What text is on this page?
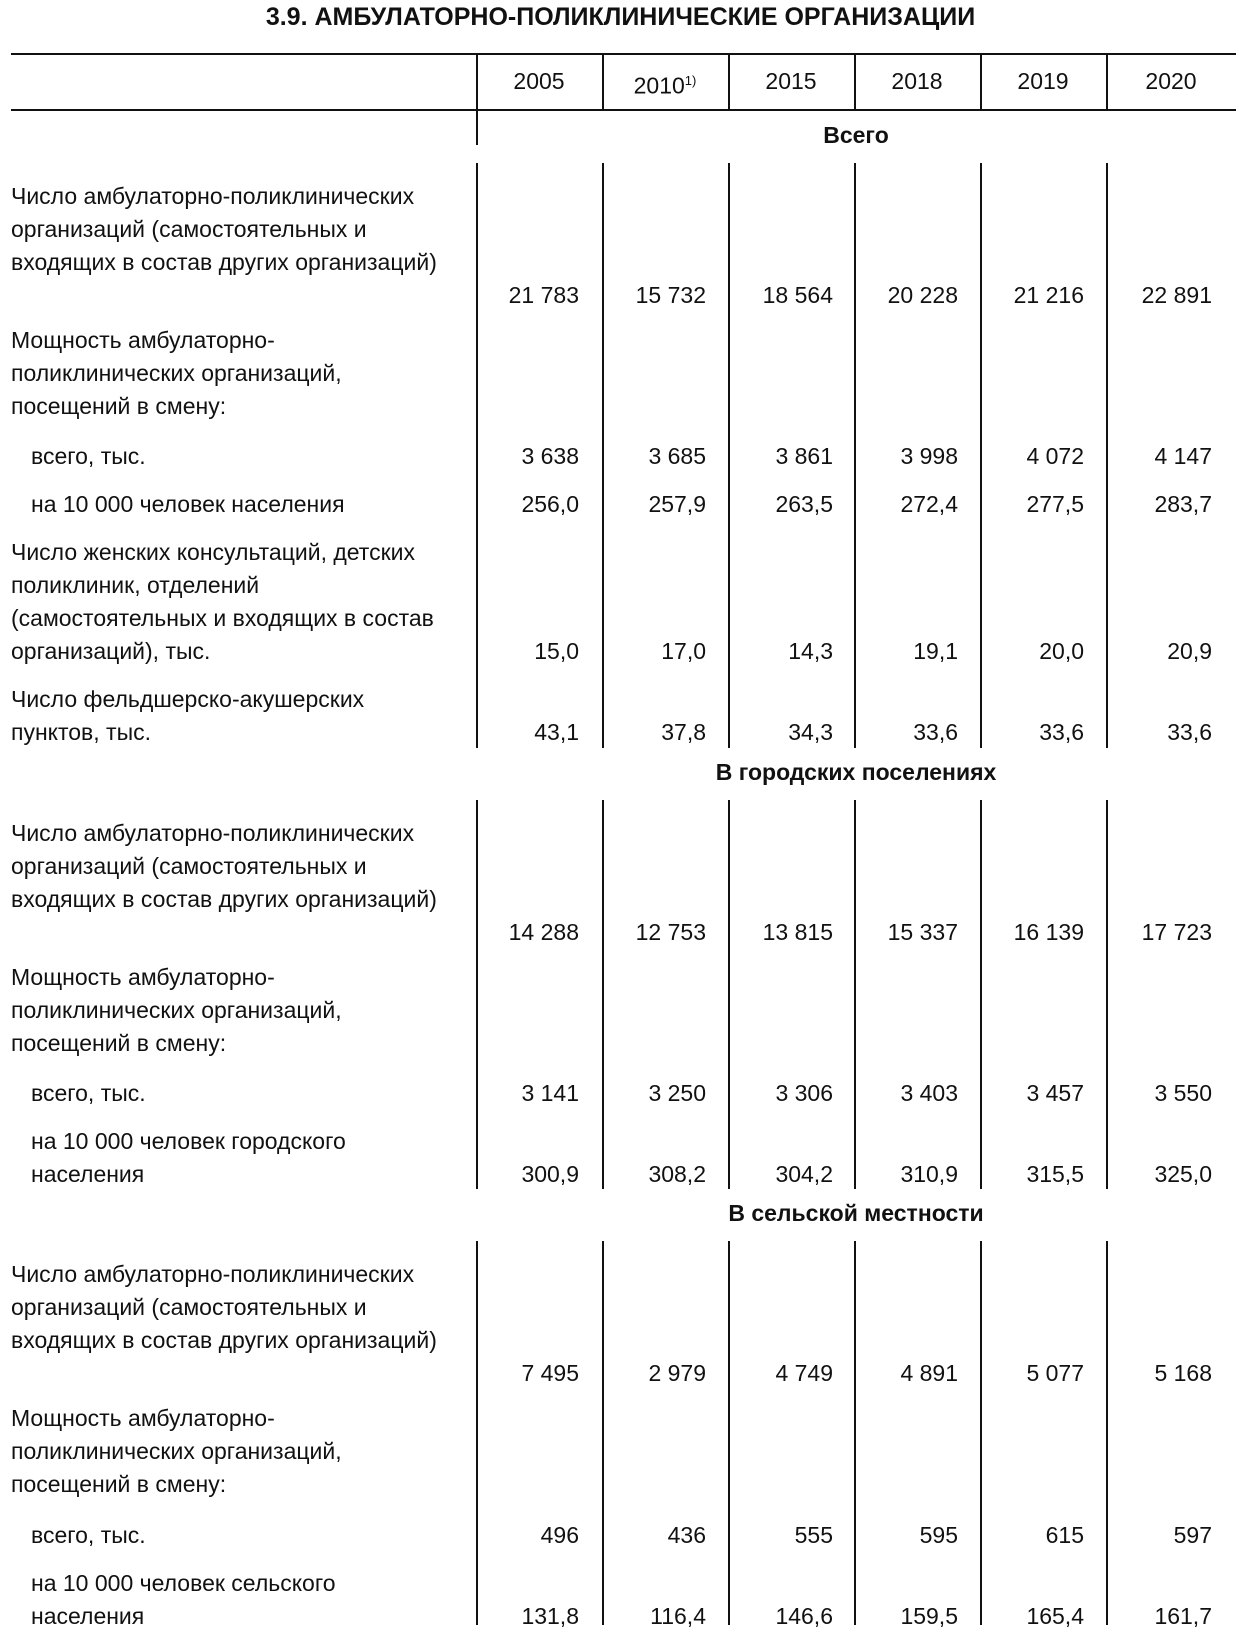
3.9. АМБУЛАТОРНО-ПОЛИКЛИНИЧЕСКИЕ ОРГАНИЗАЦИИ
2005	2010$^{1)}$	2015	2018	2019	2020
Всего
Число амбулаторно-поликлинических организаций (самостоятельных и входящих в состав других организаций)
21 783	15 732	18 564	20 228	21 216	22 891
Мощность амбулаторно-поликлинических организаций, посещений в смену:
всего, тыс.	3 638	3 685	3 861	3 998	4 072	4 147
на 10 000 человек населения	256,0	257,9	263,5	272,4	277,5	283,7
Число женских консультаций, детских поликлиник, отделений (самостоятельных и входящих в состав организаций), тыс.	15,0	17,0	14,3	19,1	20,0	20,9
Число фельдшерско-акушерских пунктов, тыс.	43,1	37,8	34,3	33,6	33,6	33,6
В городских поселениях
Число амбулаторно-поликлинических организаций (самостоятельных и входящих в состав других организаций)
14 288	12 753	13 815	15 337	16 139	17 723
Мощность амбулаторно-поликлинических организаций, посещений в смену:
всего, тыс.	3 141	3 250	3 306	3 403	3 457	3 550
на 10 000 человек городского населения	300,9	308,2	304,2	310,9	315,5	325,0
В сельской местности
Число амбулаторно-поликлинических организаций (самостоятельных и входящих в состав других организаций)
7 495	2 979	4 749	4 891	5 077	5 168
Мощность амбулаторно-поликлинических организаций, посещений в смену:
всего, тыс.	496	436	555	595	615	597
на 10 000 человек сельского населения	131,8	116,4	146,6	159,5	165,4	161,7
